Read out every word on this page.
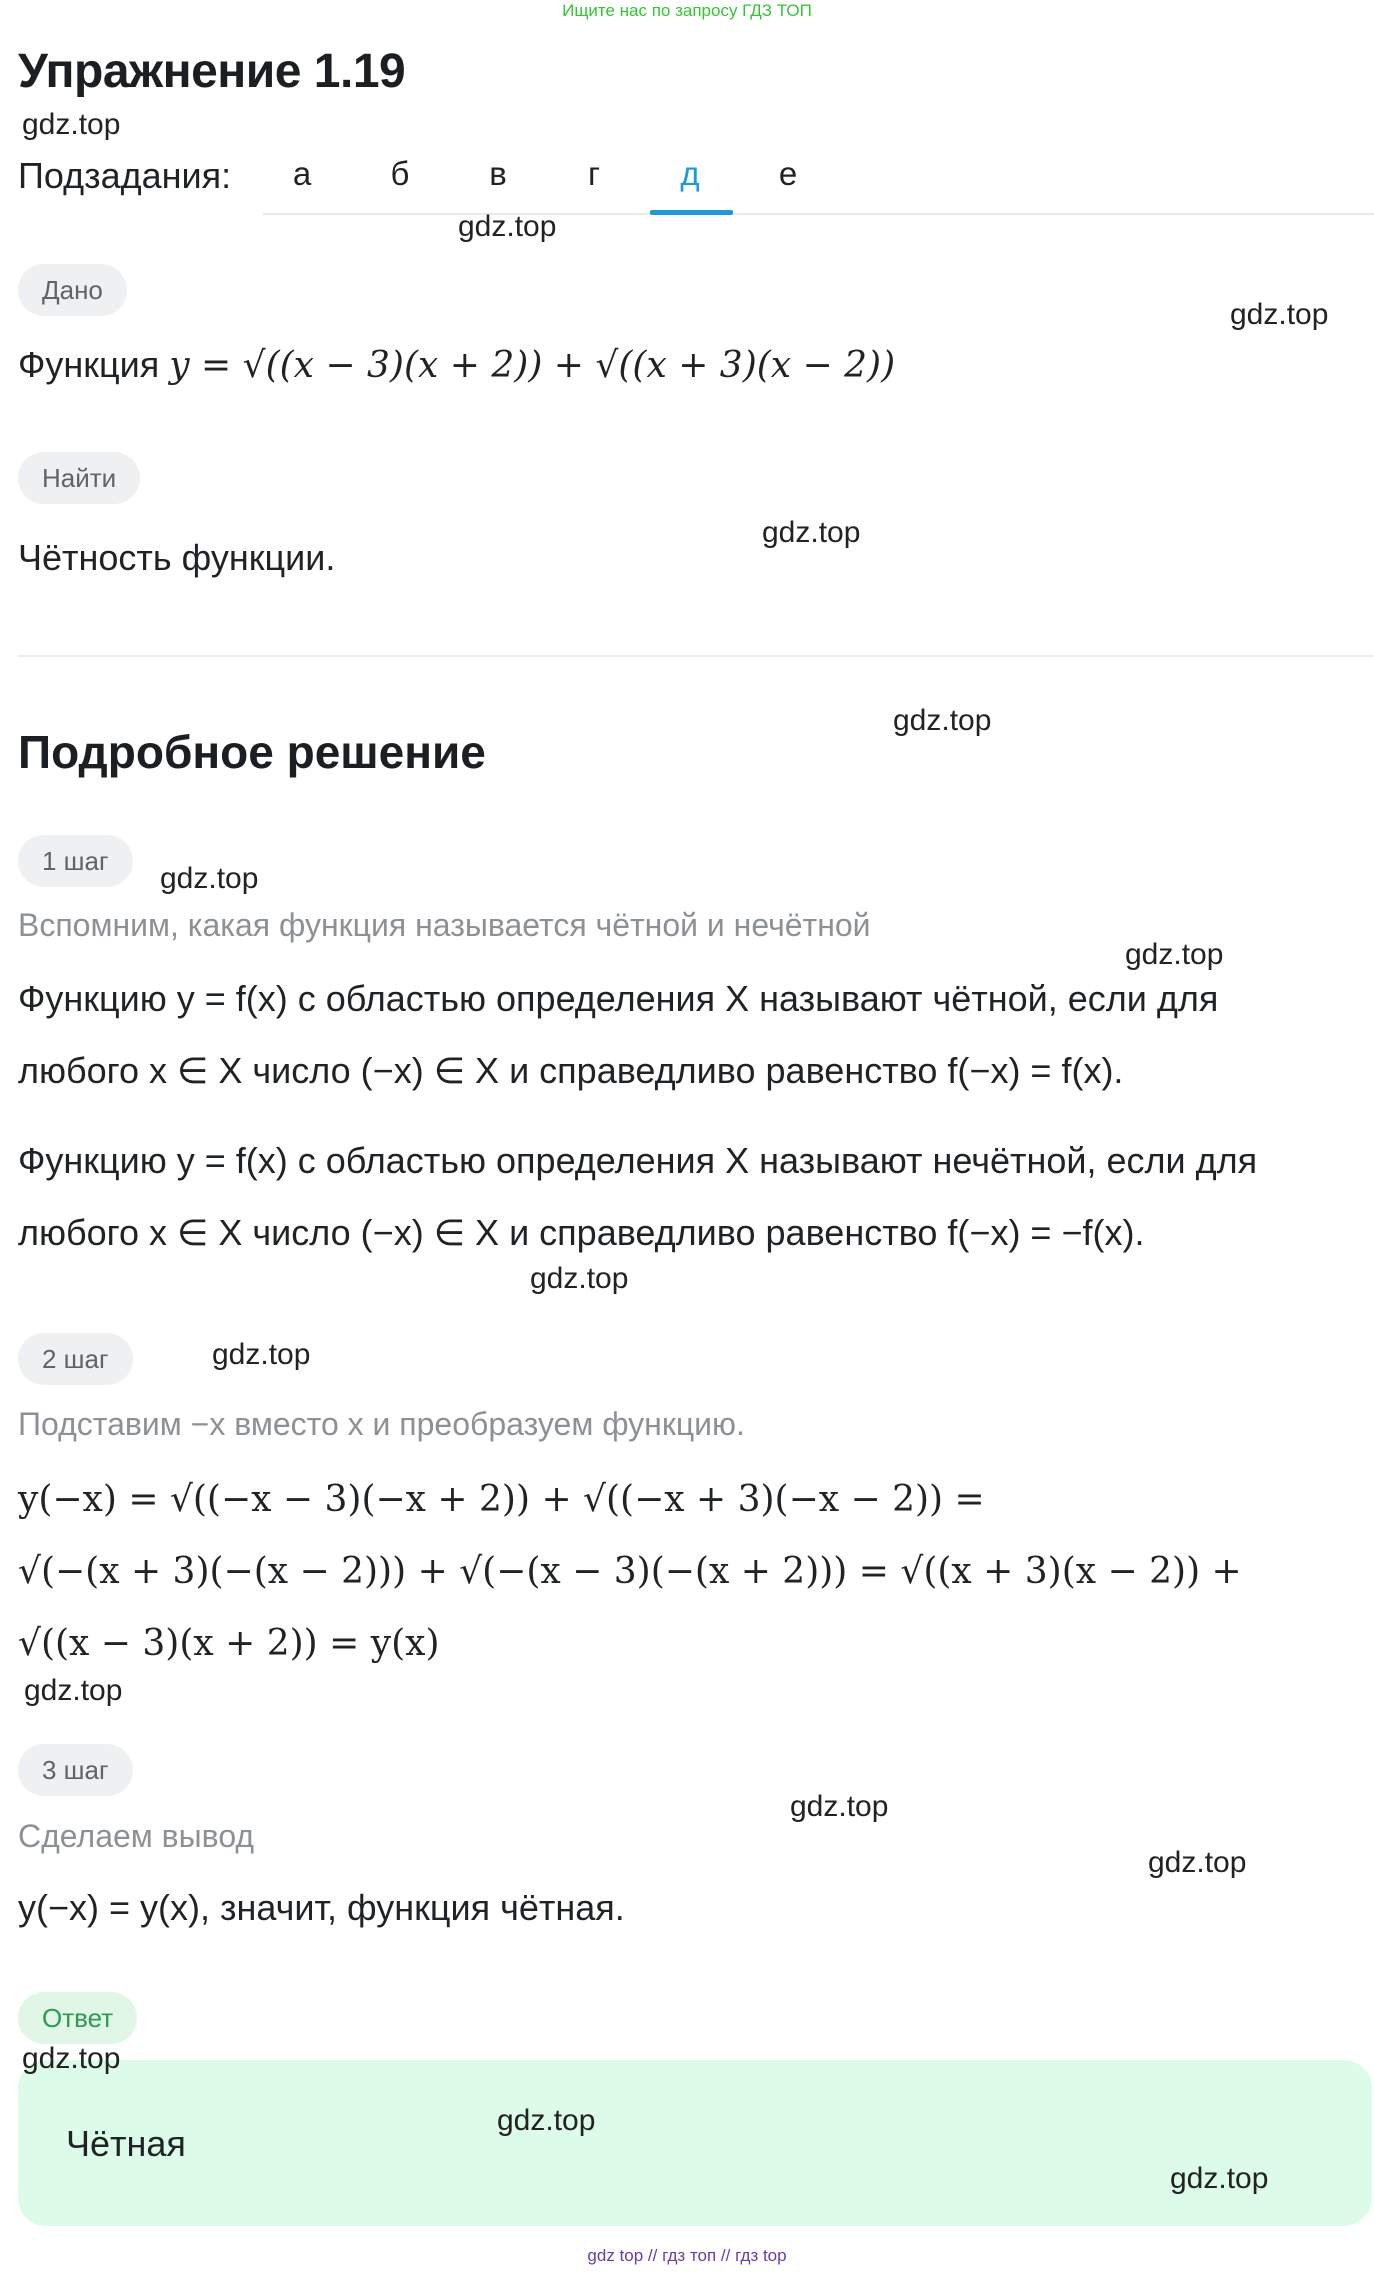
Ищите нас по запросу ГДЗ ТОП
Упражнение 1.19
gdz.top
Подзадания:	а	б	в	г	д	е
gdz.top
Дано
gdz.top
Функция y = √((x − 3)(x + 2)) + √((x + 3)(x − 2))
Найти
Чётность функции.
gdz.top
gdz.top
Подробное решение
1 шаг
gdz.top
Вспомним, какая функция называется чётной и нечётной
gdz.top
Функцию y = f(x) с областью определения X называют чётной, если для
любого x ∈ X число (−x) ∈ X и справедливо равенство f(−x) = f(x).
Функцию y = f(x) с областью определения X называют нечётной, если для
любого x ∈ X число (−x) ∈ X и справедливо равенство f(−x) = −f(x).
gdz.top
2 шаг	gdz.top
Подставим −x вместо x и преобразуем функцию.
y(−x) = √((−x − 3)(−x + 2)) + √((−x + 3)(−x − 2)) =
√(−(x + 3)(−(x − 2))) + √(−(x − 3)(−(x + 2))) = √((x + 3)(x − 2)) +
√((x − 3)(x + 2)) = y(x)
gdz.top
3 шаг
gdz.top
Сделаем вывод
gdz.top
y(−x) = y(x), значит, функция чётная.
Ответ
gdz.top
Чётная
gdz.top
gdz.top
gdz top // гдз топ // гдз top
